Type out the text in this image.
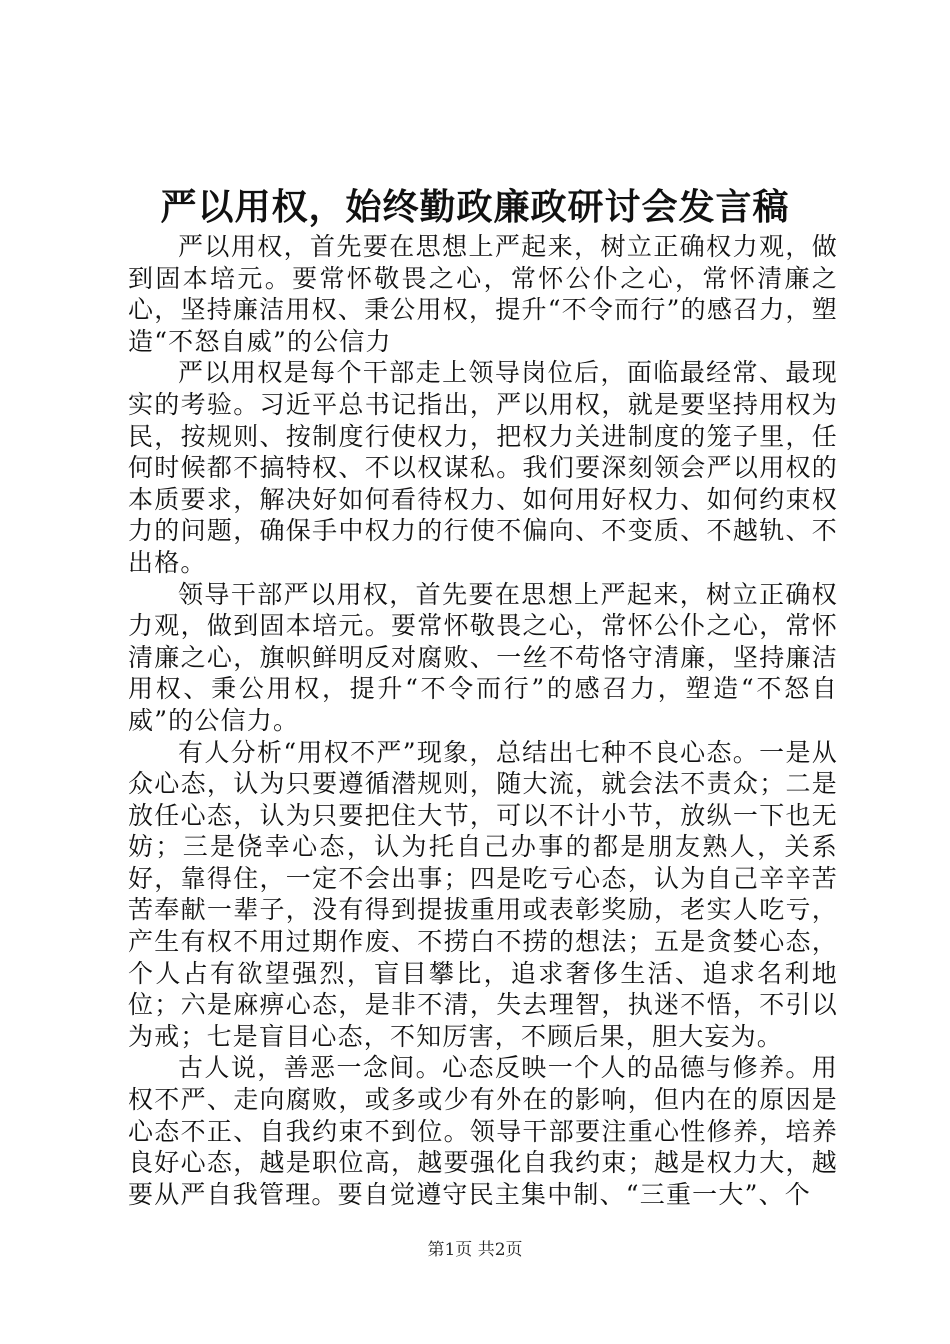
严以用权，始终勤政廉政研讨会发言稿

严以用权，首先要在思想上严起来，树立正确权力观，做到固本培元。要常怀敬畏之心，常怀公仆之心，常怀清廉之心，坚持廉洁用权、秉公用权，提升“不令而行”的感召力，塑造“不怒自威”的公信力

严以用权是每个干部走上领导岗位后，面临最经常、最现实的考验。习近平总书记指出，严以用权，就是要坚持用权为民，按规则、按制度行使权力，把权力关进制度的笼子里，任何时候都不搞特权、不以权谋私。我们要深刻领会严以用权的本质要求，解决好如何看待权力、如何用好权力、如何约束权力的问题，确保手中权力的行使不偏向、不变质、不越轨、不出格。

领导干部严以用权，首先要在思想上严起来，树立正确权力观，做到固本培元。要常怀敬畏之心，常怀公仆之心，常怀清廉之心，旗帜鲜明反对腐败、一丝不苟恪守清廉，坚持廉洁用权、秉公用权，提升“不令而行”的感召力，塑造“不怒自威”的公信力。

有人分析“用权不严”现象，总结出七种不良心态。一是从众心态，认为只要遵循潜规则，随大流，就会法不责众；二是放任心态，认为只要把住大节，可以不计小节，放纵一下也无妨；三是侥幸心态，认为托自己办事的都是朋友熟人，关系好，靠得住，一定不会出事；四是吃亏心态，认为自己辛辛苦苦奉献一辈子，没有得到提拔重用或表彰奖励，老实人吃亏，产生有权不用过期作废、不捞白不捞的想法；五是贪婪心态，个人占有欲望强烈，盲目攀比，追求奢侈生活、追求名利地位；六是麻痹心态，是非不清，失去理智，执迷不悟，不引以为戒；七是盲目心态，不知厉害，不顾后果，胆大妄为。

古人说，善恶一念间。心态反映一个人的品德与修养。用权不严、走向腐败，或多或少有外在的影响，但内在的原因是心态不正、自我约束不到位。领导干部要注重心性修养，培养良好心态，越是职位高，越要强化自我约束；越是权力大，越要从严自我管理。要自觉遵守民主集中制、“三重一大”、个

第1页 共2页
